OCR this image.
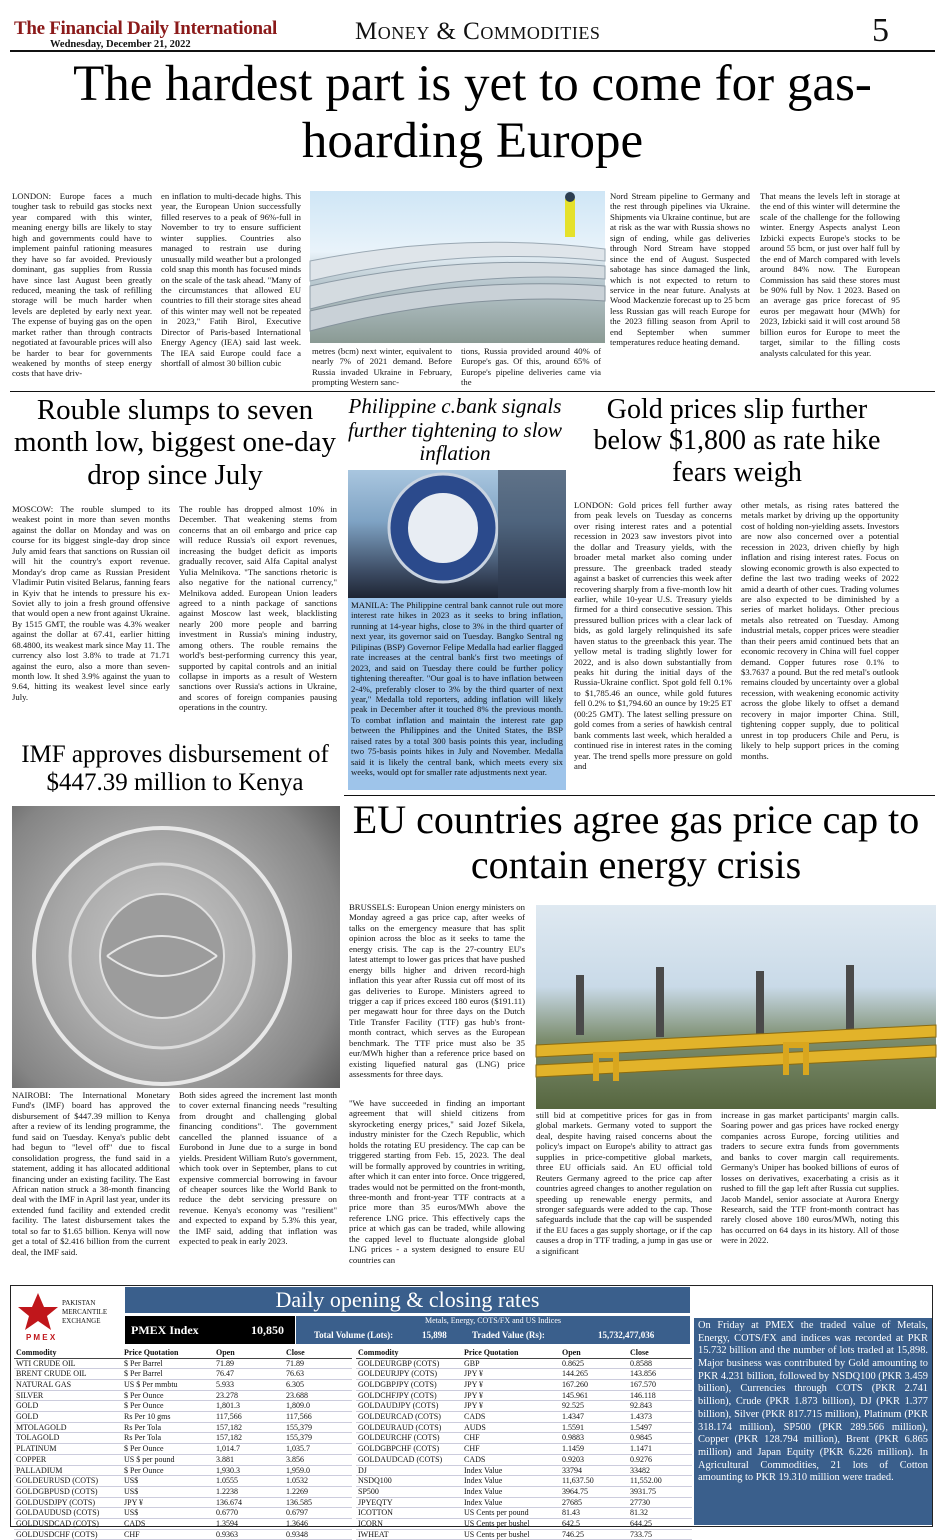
The Financial Daily International
Wednesday, December 21, 2022	Money & Commodities	5
The hardest part is yet to come for gas-hoarding Europe

LONDON: Europe faces a much tougher task to rebuild gas stocks next year compared with this winter, meaning energy bills are likely to stay high and governments could have to implement painful rationing measures they have so far avoided. Previously dominant, gas supplies from Russia have since last August been greatly reduced, meaning the task of refilling storage will be much harder when levels are depleted by early next year. The expense of buying gas on the open market rather than through contracts negotiated at favourable prices will also be harder to bear for governments weakened by months of steep energy costs that have driv-

en inflation to multi-decade highs. This year, the European Union successfully filled reserves to a peak of 96%-full in November to try to ensure sufficient winter supplies. Countries also managed to restrain use during unusually mild weather but a prolonged cold snap this month has focused minds on the scale of the task ahead. "Many of the circumstances that allowed EU countries to fill their storage sites ahead of this winter may well not be repeated in 2023," Fatih Birol, Executive Director of Paris-based International Energy Agency (IEA) said last week. The IEA said Europe could face a shortfall of almost 30 billion cubic

metres (bcm) next winter, equivalent to nearly 7% of 2021 demand. Before Russia invaded Ukraine in February, prompting Western sanc-

tions, Russia provided around 40% of Europe's gas. Of this, around 65% of Europe's pipeline deliveries came via the

Nord Stream pipeline to Germany and the rest through pipelines via Ukraine. Shipments via Ukraine continue, but are at risk as the war with Russia shows no sign of ending, while gas deliveries through Nord Stream have stopped since the end of August. Suspected sabotage has since damaged the link, which is not expected to return to service in the near future. Analysts at Wood Mackenzie forecast up to 25 bcm less Russian gas will reach Europe for the 2023 filling season from April to end September when summer temperatures reduce heating demand.

That means the levels left in storage at the end of this winter will determine the scale of the challenge for the following winter. Energy Aspects analyst Leon Izbicki expects Europe's stocks to be around 55 bcm, or just over half full by the end of March compared with levels around 84% now. The European Commission has said these stores must be 90% full by Nov. 1 2023. Based on an average gas price forecast of 95 euros per megawatt hour (MWh) for 2023, Izbicki said it will cost around 58 billion euros for Europe to meet the target, similar to the filling costs analysts calculated for this year.

Rouble slumps to seven month low, biggest one-day drop since July

MOSCOW: The rouble slumped to its weakest point in more than seven months against the dollar on Monday and was on course for its biggest single-day drop since July amid fears that sanctions on Russian oil will hit the country's export revenue. Monday's drop came as Russian President Vladimir Putin visited Belarus, fanning fears in Kyiv that he intends to pressure his ex-Soviet ally to join a fresh ground offensive that would open a new front against Ukraine. By 1515 GMT, the rouble was 4.3% weaker against the dollar at 67.41, earlier hitting 68.4800, its weakest mark since May 11. The currency also lost 3.8% to trade at 71.71 against the euro, also a more than seven-month low. It shed 3.9% against the yuan to 9.64, hitting its weakest level since early July.

The rouble has dropped almost 10% in December. That weakening stems from concerns that an oil embargo and price cap will reduce Russia's oil export revenues, increasing the budget deficit as imports gradually recover, said Alfa Capital analyst Yulia Melnikova. "The sanctions rhetoric is also negative for the national currency," Melnikova added. European Union leaders agreed to a ninth package of sanctions against Moscow last week, blacklisting nearly 200 more people and barring investment in Russia's mining industry, among others. The rouble remains the world's best-performing currency this year, supported by capital controls and an initial collapse in imports as a result of Western sanctions over Russia's actions in Ukraine, and scores of foreign companies pausing operations in the country.

Philippine c.bank signals further tightening to slow inflation

MANILA: The Philippine central bank cannot rule out more interest rate hikes in 2023 as it seeks to bring inflation, running at 14-year highs, close to 3% in the third quarter of next year, its governor said on Tuesday. Bangko Sentral ng Pilipinas (BSP) Governor Felipe Medalla had earlier flagged rate increases at the central bank's first two meetings of 2023, and said on Tuesday there could be further policy tightening thereafter. "Our goal is to have inflation between 2-4%, preferably closer to 3% by the third quarter of next year," Medalla told reporters, adding inflation will likely peak in December after it touched 8% the previous month. To combat inflation and maintain the interest rate gap between the Philippines and the United States, the BSP raised rates by a total 300 basis points this year, including two 75-basis points hikes in July and November. Medalla said it is likely the central bank, which meets every six weeks, would opt for smaller rate adjustments next year.

Gold prices slip further below $1,800 as rate hike fears weigh

LONDON: Gold prices fell further away from peak levels on Tuesday as concerns over rising interest rates and a potential recession in 2023 saw investors pivot into the dollar and Treasury yields, with the broader metal market also coming under pressure. The greenback traded steady against a basket of currencies this week after recovering sharply from a five-month low hit earlier, while 10-year U.S. Treasury yields firmed for a third consecutive session. This pressured bullion prices with a clear lack of bids, as gold largely relinquished its safe haven status to the greenback this year. The yellow metal is trading slightly lower for 2022, and is also down substantially from peaks hit during the initial days of the Russia-Ukraine conflict. Spot gold fell 0.1% to $1,785.46 an ounce, while gold futures fell 0.2% to $1,794.60 an ounce by 19:25 ET (00:25 GMT). The latest selling pressure on gold comes from a series of hawkish central bank comments last week, which heralded a continued rise in interest rates in the coming year. The trend spells more pressure on gold and

other metals, as rising rates battered the metals market by driving up the opportunity cost of holding non-yielding assets. Investors are now also concerned over a potential recession in 2023, driven chiefly by high inflation and rising interest rates. Focus on slowing economic growth is also expected to define the last two trading weeks of 2022 amid a dearth of other cues. Trading volumes are also expected to be diminished by a series of market holidays. Other precious metals also retreated on Tuesday. Among industrial metals, copper prices were steadier than their peers amid continued bets that an economic recovery in China will fuel copper demand. Copper futures rose 0.1% to $3.7637 a pound. But the red metal's outlook remains clouded by uncertainty over a global recession, with weakening economic activity across the globe likely to offset a demand recovery in major importer China. Still, tightening copper supply, due to political unrest in top producers Chile and Peru, is likely to help support prices in the coming months.

IMF approves disbursement of $447.39 million to Kenya

NAIROBI: The International Monetary Fund's (IMF) board has approved the disbursement of $447.39 million to Kenya after a review of its lending programme, the fund said on Tuesday. Kenya's public debt had begun to "level off" due to fiscal consolidation progress, the fund said in a statement, adding it has allocated additional financing under an existing facility. The East African nation struck a 38-month financing deal with the IMF in April last year, under its extended fund facility and extended credit facility. The latest disbursement takes the total so far to $1.65 billion. Kenya will now get a total of $2.416 billion from the current deal, the IMF said.

Both sides agreed the increment last month to cover external financing needs "resulting from drought and challenging global financing conditions". The government cancelled the planned issuance of a Eurobond in June due to a surge in bond yields. President William Ruto's government, which took over in September, plans to cut expensive commercial borrowing in favour of cheaper sources like the World Bank to reduce the debt servicing pressure on revenue. Kenya's economy was "resilient" and expected to expand by 5.3% this year, the IMF said, adding that inflation was expected to peak in early 2023.

EU countries agree gas price cap to contain energy crisis

BRUSSELS: European Union energy ministers on Monday agreed a gas price cap, after weeks of talks on the emergency measure that has split opinion across the bloc as it seeks to tame the energy crisis. The cap is the 27-country EU's latest attempt to lower gas prices that have pushed energy bills higher and driven record-high inflation this year after Russia cut off most of its gas deliveries to Europe. Ministers agreed to trigger a cap if prices exceed 180 euros ($191.11) per megawatt hour for three days on the Dutch Title Transfer Facility (TTF) gas hub's front-month contract, which serves as the European benchmark. The TTF price must also be 35 eur/MWh higher than a reference price based on existing liquefied natural gas (LNG) price assessments for three days.

still bid at competitive prices for gas in from global markets. Germany voted to support the deal, despite having raised concerns about the policy's impact on Europe's ability to attract gas supplies in price-competitive global markets, three EU officials said. An EU official told Reuters Germany agreed to the price cap after countries agreed changes to another regulation on speeding up renewable energy permits, and stronger safeguards were added to the cap. Those safeguards include that the cap will be suspended if the EU faces a gas supply shortage, or if the cap causes a drop in TTF trading, a jump in gas use or a significant

increase in gas market participants' margin calls. Soaring power and gas prices have rocked energy companies across Europe, forcing utilities and traders to secure extra funds from governments and banks to cover margin call requirements. Germany's Uniper has booked billions of euros of losses on derivatives, exacerbating a crisis as it rushed to fill the gap left after Russia cut supplies. Jacob Mandel, senior associate at Aurora Energy Research, said the TTF front-month contract has rarely closed above 180 euros/MWh, noting this has occurred on 64 days in its history. All of those were in 2022.

"We have succeeded in finding an important agreement that will shield citizens from skyrocketing energy prices," said Jozef Sikela, industry minister for the Czech Republic, which holds the rotating EU presidency. The cap can be triggered starting from Feb. 15, 2023. The deal will be formally approved by countries in writing, after which it can enter into force. Once triggered, trades would not be permitted on the front-month, three-month and front-year TTF contracts at a price more than 35 euros/MWh above the reference LNG price. This effectively caps the price at which gas can be traded, while allowing the capped level to fluctuate alongside global LNG prices - a system designed to ensure EU countries can

PAKISTAN
MERCANTILE
EXCHANGE
P M E X
Daily opening & closing rates
PMEX Index	10,850
Metals, Energy, COTS/FX and US Indices
Total Volume (Lots):	15,898	Traded Value (Rs):	15,732,477,036
Commodity	Price Quotation	Open	Close
WTI CRUDE OIL	$ Per Barrel	71.89	71.89
BRENT CRUDE OIL	$ Per Barrel	76.47	76.63
NATURAL GAS	US $ Per mmbtu	5.933	6.305
SILVER	$ Per Ounce	23.278	23.688
GOLD	$ Per Ounce	1,801.3	1,809.0
GOLD	Rs Per 10 gms	117,566	117,566
MTOLAGOLD	Rs Per Tola	157,182	155,379
TOLAGOLD	Rs Per Tola	157,182	155,379
PLATINUM	$ Per Ounce	1,014.7	1,035.7
COPPER	US $ per pound	3.881	3.856
PALLADIUM	$ Per Ounce	1,930.3	1,959.0
GOLDEURUSD (COTS)	US$	1.0555	1.0532
GOLDGBPUSD (COTS)	US$	1.2238	1.2269
GOLDUSDJPY (COTS)	JPY ¥	136.674	136.585
GOLDAUDUSD (COTS)	US$	0.6770	0.6797
GOLDUSDCAD (COTS)	CADS	1.3594	1.3646
GOLDUSDCHF (COTS)	CHF	0.9363	0.9348
Commodity	Price Quotation	Open	Close
GOLDEURGBP (COTS)	GBP	0.8625	0.8588
GOLDEURJPY (COTS)	JPY ¥	144.265	143.856
GOLDGBPJPY (COTS)	JPY ¥	167.260	167.570
GOLDCHFJPY (COTS)	JPY ¥	145.961	146.118
GOLDAUDJPY (COTS)	JPY ¥	92.525	92.843
GOLDEURCAD (COTS)	CADS	1.4347	1.4373
GOLDEURAUD (COTS)	AUDS	1.5591	1.5497
GOLDEURCHF (COTS)	CHF	0.9883	0.9845
GOLDGBPCHF (COTS)	CHF	1.1459	1.1471
GOLDAUDCAD (COTS)	CADS	0.9203	0.9276
DJ	Index Value	33794	33482
NSDQ100	Index Value	11,637.50	11,552.00
SP500	Index Value	3964.75	3931.75
JPYEQTY	Index Value	27685	27730
ICOTTON	US Cents per pound	81.43	81.32
ICORN	US Cents per bushel	642.5	644.25
IWHEAT	US Cents per bushel	746.25	733.75
On Friday at PMEX the traded value of Metals, Energy, COTS/FX and indices was recorded at PKR 15.732 billion and the number of lots traded at 15,898. Major business was contributed by Gold amounting to PKR 4.231 billion, followed by NSDQ100 (PKR 3.459 billion), Currencies through COTS (PKR 2.741 billion), Crude (PKR 1.873 billion), DJ (PKR 1.377 billion), Silver (PKR 817.715 million), Platinum (PKR 318.174 million), SP500 (PKR 289.566 million), Copper (PKR 128.794 million), Brent (PKR 6.865 million) and Japan Equity (PKR 6.226 million). In Agricultural Commodities, 21 lots of Cotton amounting to PKR 19.310 million were traded.
